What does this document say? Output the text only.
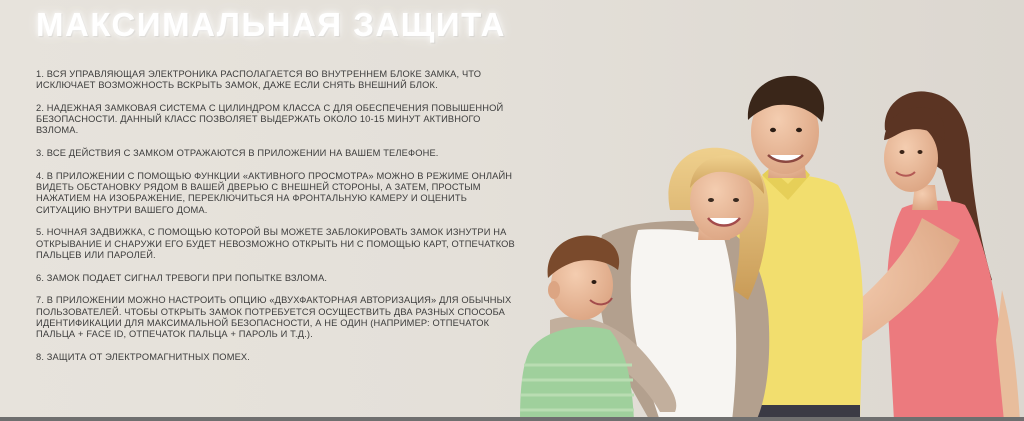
МАКСИМАЛЬНАЯ ЗАЩИТА
1. ВСЯ УПРАВЛЯЮЩАЯ ЭЛЕКТРОНИКА РАСПОЛАГАЕТСЯ ВО ВНУТРЕННЕМ БЛОКЕ ЗАМКА, ЧТО ИСКЛЮЧАЕТ ВОЗМОЖНОСТЬ ВСКРЫТЬ ЗАМОК, ДАЖЕ ЕСЛИ СНЯТЬ ВНЕШНИЙ БЛОК.
2. НАДЕЖНАЯ ЗАМКОВАЯ СИСТЕМА С ЦИЛИНДРОМ КЛАССА С ДЛЯ ОБЕСПЕЧЕНИЯ ПОВЫШЕННОЙ БЕЗОПАСНОСТИ. ДАННЫЙ КЛАСС ПОЗВОЛЯЕТ ВЫДЕРЖАТЬ ОКОЛО 10-15 МИНУТ АКТИВНОГО ВЗЛОМА.
3. ВСЕ ДЕЙСТВИЯ С ЗАМКОМ ОТРАЖАЮТСЯ В ПРИЛОЖЕНИИ НА ВАШЕМ ТЕЛЕФОНЕ.
4. В ПРИЛОЖЕНИИ С ПОМОЩЬЮ ФУНКЦИИ «АКТИВНОГО ПРОСМОТРА» МОЖНО В РЕЖИМЕ ОНЛАЙН ВИДЕТЬ ОБСТАНОВКУ РЯДОМ В ВАШЕЙ ДВЕРЬЮ С ВНЕШНЕЙ СТОРОНЫ, А ЗАТЕМ, ПРОСТЫМ НАЖАТИЕМ НА ИЗОБРАЖЕНИЕ, ПЕРЕКЛЮЧИТЬСЯ НА ФРОНТАЛЬНУЮ КАМЕРУ И ОЦЕНИТЬ СИТУАЦИЮ ВНУТРИ ВАШЕГО ДОМА.
5. НОЧНАЯ ЗАДВИЖКА, С ПОМОЩЬЮ КОТОРОЙ ВЫ МОЖЕТЕ ЗАБЛОКИРОВАТЬ ЗАМОК ИЗНУТРИ НА ОТКРЫВАНИЕ И СНАРУЖИ ЕГО БУДЕТ НЕВОЗМОЖНО ОТКРЫТЬ НИ С ПОМОЩЬЮ КАРТ, ОТПЕЧАТКОВ ПАЛЬЦЕВ ИЛИ ПАРОЛЕЙ.
6. ЗАМОК ПОДАЕТ СИГНАЛ ТРЕВОГИ ПРИ ПОПЫТКЕ ВЗЛОМА.
7. В ПРИЛОЖЕНИИ МОЖНО НАСТРОИТЬ ОПЦИЮ «ДВУХФАКТОРНАЯ АВТОРИЗАЦИЯ» ДЛЯ ОБЫЧНЫХ ПОЛЬЗОВАТЕЛЕЙ. ЧТОБЫ ОТКРЫТЬ ЗАМОК ПОТРЕБУЕТСЯ ОСУЩЕСТВИТЬ ДВА РАЗНЫХ СПОСОБА ИДЕНТИФИКАЦИИ ДЛЯ МАКСИМАЛЬНОЙ БЕЗОПАСНОСТИ, А НЕ ОДИН (НАПРИМЕР: ОТПЕЧАТОК ПАЛЬЦА + FACE ID, ОТПЕЧАТОК ПАЛЬЦА + ПАРОЛЬ И Т.Д.).
8. ЗАЩИТА ОТ ЭЛЕКТРОМАГНИТНЫХ ПОМЕХ.
